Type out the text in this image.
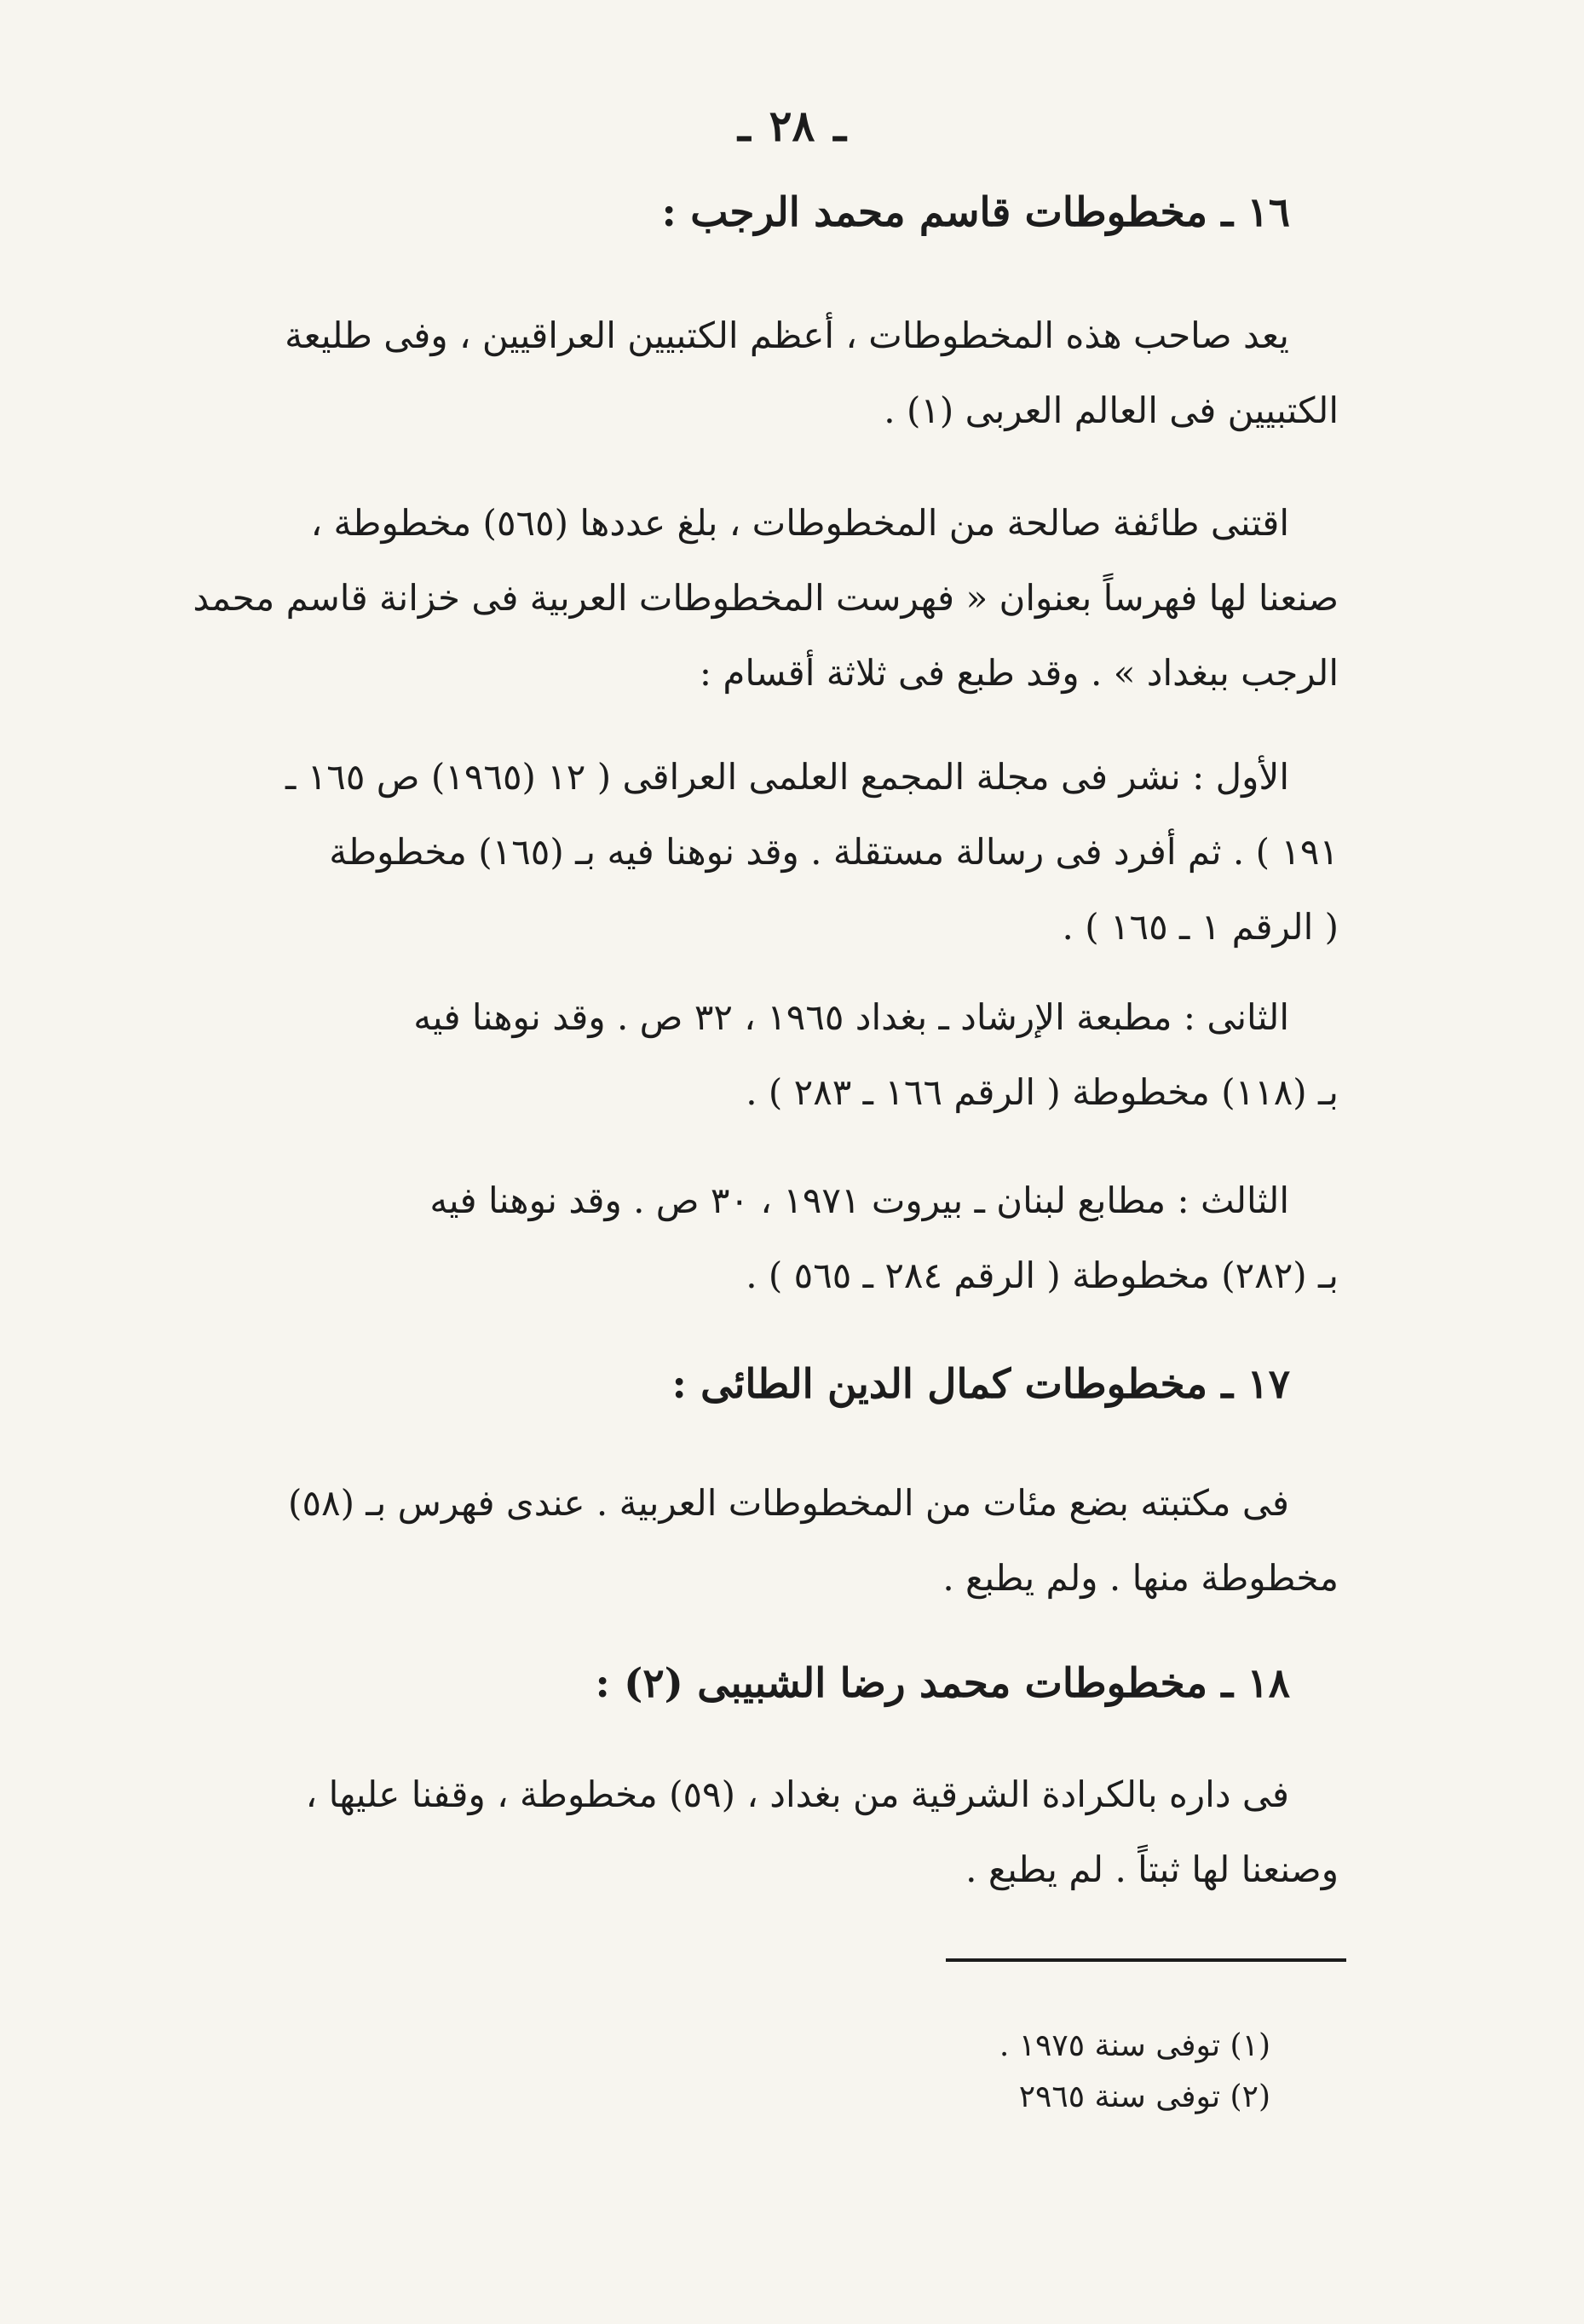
ـ٢٨ـ
١٦ ـ مخطوطات قاسم محمد الرجب :
يعد صاحب هذه المخطوطات ، أعظم الكتبيين العراقيين ، وفى طليعة
الكتبيين فى العالم العربى (١) .
اقتنى طائفة صالحة من المخطوطات ، بلغ عددها (٥٦٥) مخطوطة ،
صنعنا لها فهرساً بعنوان « فهرست المخطوطات العربية فى خزانة قاسم محمد
الرجب ببغداد » . وقد طبع فى ثلاثة أقسام :
الأول : نشر فى مجلة المجمع العلمى العراقى ( ١٢ (١٩٦٥) ص ١٦٥ ـ
١٩١ ) . ثم أفرد فى رسالة مستقلة . وقد نوهنا فيه بـ (١٦٥) مخطوطة
( الرقم ١ ـ ١٦٥ ) .
الثانى : مطبعة الإرشاد ـ بغداد ١٩٦٥ ، ٣٢ ص . وقد نوهنا فيه
بـ (١١٨) مخطوطة ( الرقم ١٦٦ ـ ٢٨٣ ) .
الثالث : مطابع لبنان ـ بيروت ١٩٧١ ، ٣٠ ص . وقد نوهنا فيه
بـ (٢٨٢) مخطوطة ( الرقم ٢٨٤ ـ ٥٦٥ ) .
١٧ ـ مخطوطات كمال الدين الطائى :
فى مكتبته بضع مئات من المخطوطات العربية . عندى فهرس بـ (٥٨)
مخطوطة منها . ولم يطبع .
١٨ ـ مخطوطات محمد رضا الشبيبى (٢) :
فى داره بالكرادة الشرقية من بغداد ، (٥٩) مخطوطة ، وقفنا عليها ،
وصنعنا لها ثبتاً . لم يطبع .
(١) توفى سنة ١٩٧٥ .
(٢) توفى سنة ٢٩٦٥
